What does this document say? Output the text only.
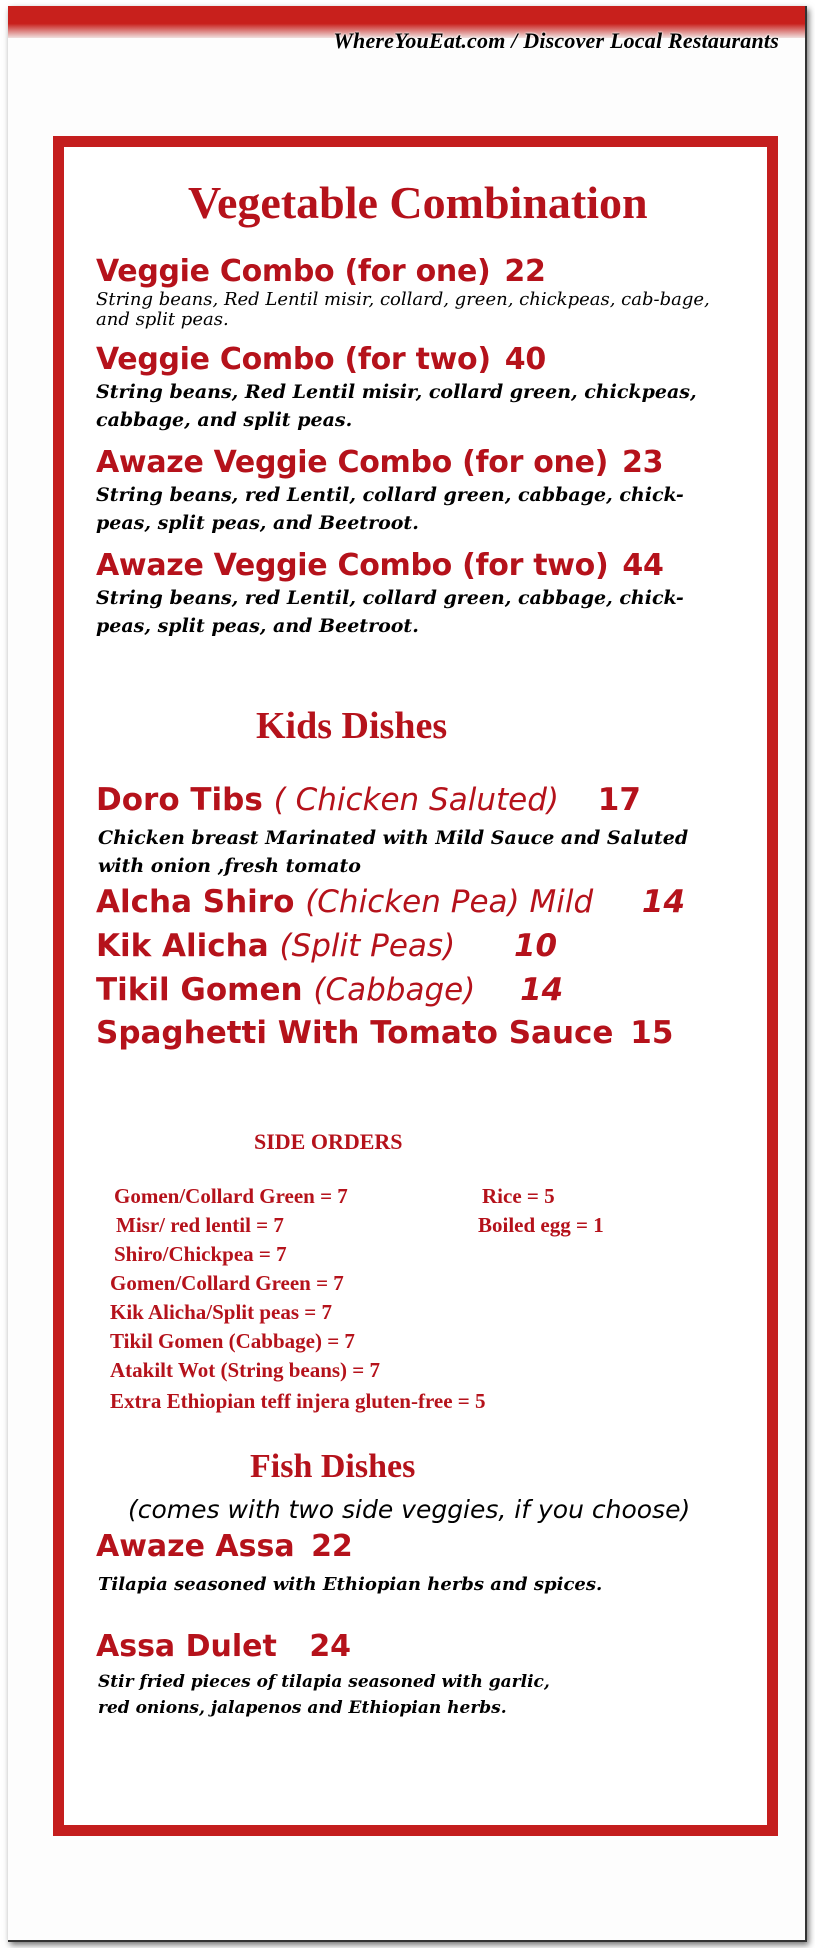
WhereYouEat.com / Discover Local Restaurants
Vegetable Combination
Veggie Combo (for one) 22
String beans, Red Lentil misir, collard, green, chickpeas, cab-bage, and split peas.
Veggie Combo (for two) 40
String beans, Red Lentil misir, collard green, chickpeas, cabbage, and split peas.
Awaze Veggie Combo (for one) 23
String beans, red Lentil, collard green, cabbage, chick-peas, split peas, and Beetroot.
Awaze Veggie Combo (for two) 44
String beans, red Lentil, collard green, cabbage, chick-peas, split peas, and Beetroot.
Kids Dishes
Doro Tibs ( Chicken Saluted) 17
Chicken breast Marinated with Mild Sauce and Saluted with onion ,fresh tomato
Alcha Shiro (Chicken Pea) Mild 14
Kik Alicha (Split Peas) 10
Tikil Gomen (Cabbage) 14
Spaghetti With Tomato Sauce 15
SIDE ORDERS
Gomen/Collard Green = 7
Misr/ red lentil = 7
Shiro/Chickpea = 7
Gomen/Collard Green = 7
Kik Alicha/Split peas = 7
Tikil Gomen (Cabbage) = 7
Atakilt Wot (String beans) = 7
Extra Ethiopian teff injera gluten-free = 5
Rice = 5
Boiled egg = 1
Fish Dishes
(comes with two side veggies, if you choose)
Awaze Assa 22
Tilapia seasoned with Ethiopian herbs and spices.
Assa Dulet 24
Stir fried pieces of tilapia seasoned with garlic,
red onions, jalapenos and Ethiopian herbs.
